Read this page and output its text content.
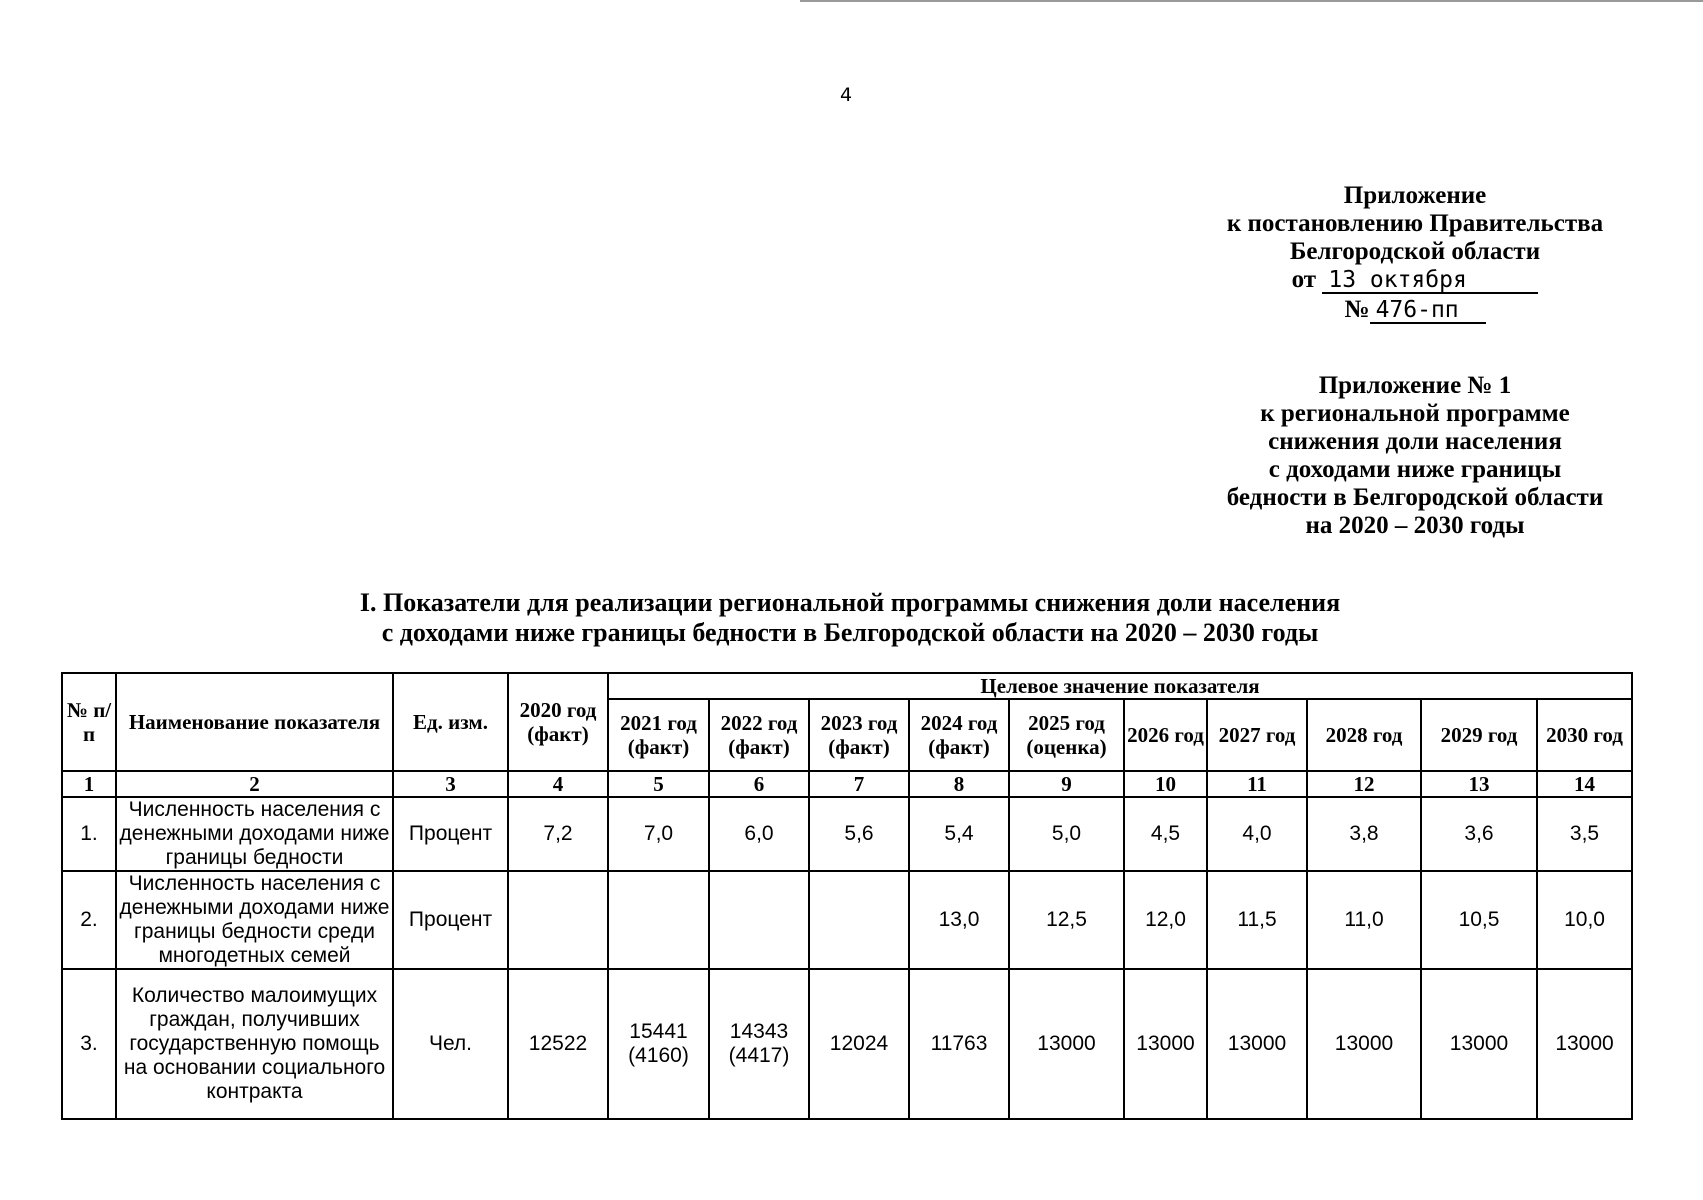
4
Приложение
к постановлению Правительства
Белгородской области
от 13 октября
№ 476-пп
Приложение № 1
к региональной программе
снижения доли населения
с доходами ниже границы
бедности в Белгородской области
на 2020 – 2030 годы
I. Показатели для реализации региональной программы снижения доли населения
с доходами ниже границы бедности в Белгородской области на 2020 – 2030 годы
№ п/п	Наименование показателя	Ед. изм.	2020 год (факт)	Целевое значение показателя									
				2021 год (факт)	2022 год (факт)	2023 год (факт)	2024 год (факт)	2025 год (оценка)	2026 год	2027 год	2028 год	2029 год	2030 год
1	2	3	4	5	6	7	8	9	10	11	12	13	14
1.	Численность населения с денежными доходами ниже границы бедности	Процент	7,2	7,0	6,0	5,6	5,4	5,0	4,5	4,0	3,8	3,6	3,5
2.	Численность населения с денежными доходами ниже границы бедности среди многодетных семей	Процент					13,0	12,5	12,0	11,5	11,0	10,5	10,0
3.	Количество малоимущих граждан, получивших государственную помощь на основании социального контракта	Чел.	12522	15441 (4160)	14343 (4417)	12024	11763	13000	13000	13000	13000	13000	13000
